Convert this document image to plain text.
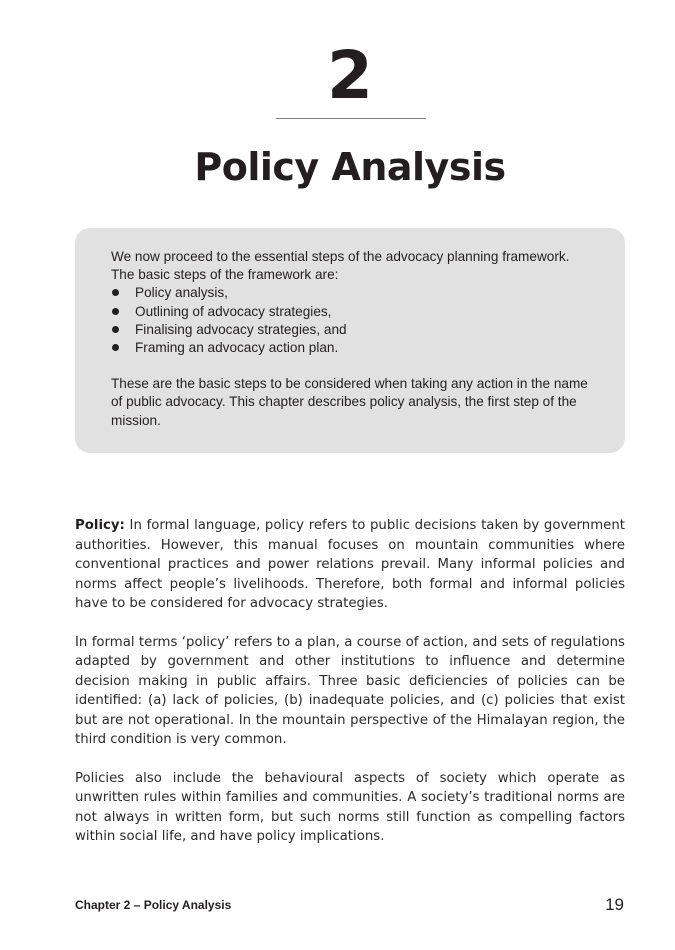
2
Policy Analysis

We now proceed to the essential steps of the advocacy planning framework.

The basic steps of the framework are:

Policy analysis,
Outlining of advocacy strategies,
Finalising advocacy strategies, and
Framing an advocacy action plan.

These are the basic steps to be considered when taking any action in the name of public advocacy. This chapter describes policy analysis, the first step of the mission.

Policy: In formal language, policy refers to public decisions taken by government authorities. However, this manual focuses on mountain communities where conventional practices and power relations prevail. Many informal policies and norms affect people’s livelihoods. Therefore, both formal and informal policies have to be considered for advocacy strategies.

In formal terms ‘policy’ refers to a plan, a course of action, and sets of regulations adapted by government and other institutions to influence and determine decision making in public affairs. Three basic deficiencies of policies can be identified: (a) lack of policies, (b) inadequate policies, and (c) policies that exist but are not operational. In the mountain perspective of the Himalayan region, the third condition is very common.

Policies also include the behavioural aspects of society which operate as unwritten rules within families and communities. A society’s traditional norms are not always in written form, but such norms still function as compelling factors within social life, and have policy implications.

Chapter 2 – Policy Analysis	19
